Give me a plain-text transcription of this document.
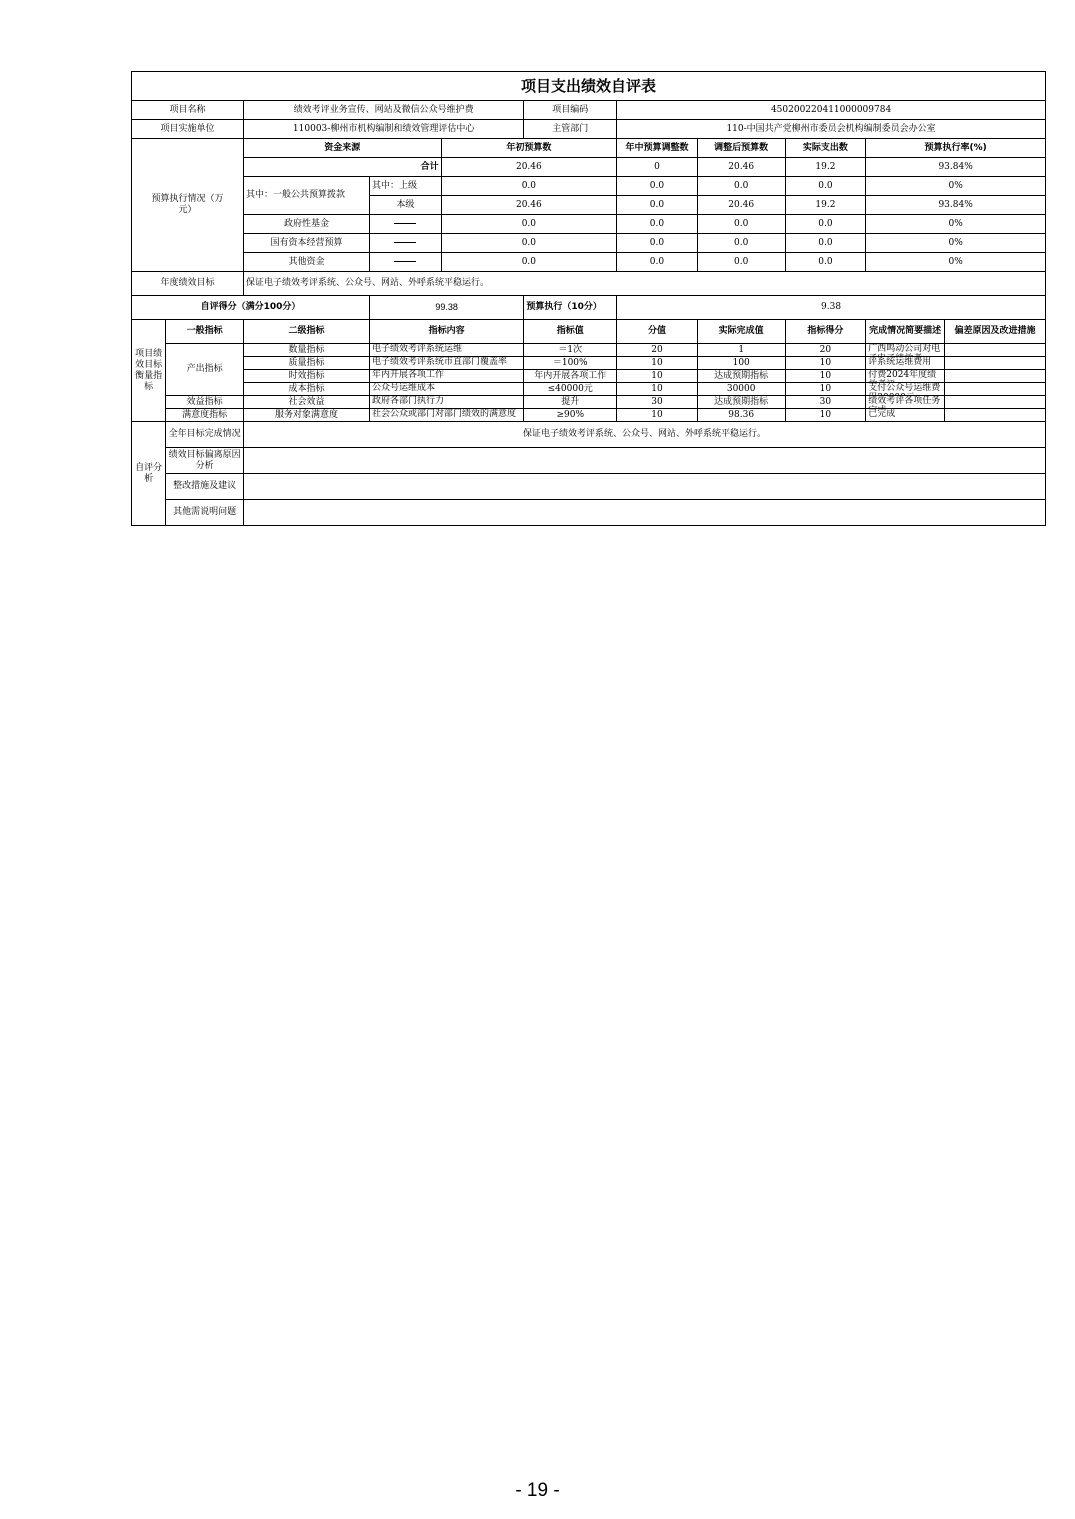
项目支出绩效自评表										
项目名称		绩效考评业务宣传、网站及微信公众号维护费			项目编码	450200220411000009784				
项目实施单位		110003-柳州市机构编制和绩效管理评估中心			主管部门	110-中国共产党柳州市委员会机构编制委员会办公室				
预算执行情况（万元）		资金来源		年初预算数		年中预算调整数	调整后预算数	实际支出数	预算执行率(%)	
		合计		20.46		0	20.46	19.2	93.84%	
		其中：一般公共预算拨款	其中：上级	0.0		0.0	0.0	0.0	0%	
			本级	20.46		0.0	20.46	19.2	93.84%	
		政府性基金		0.0		0.0	0.0	0.0	0%	
		国有资本经营预算		0.0		0.0	0.0	0.0	0%	
		其他资金		0.0		0.0	0.0	0.0	0%	
年度绩效目标		保证电子绩效考评系统、公众号、网站、外呼系统平稳运行。								
自评得分（满分100分）			99.38		预算执行（10分）	9.38				
项目绩效目标衡量指标	一般指标	二级指标	指标内容		指标值	分值	实际完成值	指标得分	完成情况简要描述	偏差原因及改进措施
	产出指标	数量指标	电子绩效考评系统运维		＝1次	20	1	20	广西鸣动公司对电	

		质量指标	电子绩效考评系统市直部门覆盖率		＝100%	10	100	10	评系统运维费用	

		时效指标	年内开展各项工作		年内开展各项工作	10	达成预期指标	10	付费2024年度绩	

		成本指标	公众号运维成本		≤40000元	10	30000	10	支付公众号运维费	

	效益指标	社会效益	政府各部门执行力		提升	30	达成预期指标	30	绩效考评各项任务	

	满意度指标	服务对象满意度	社会公众或部门对部门绩效的满意度		≥90%	10	98.36	10	已完成	

自评分析	全年目标完成情况	保证电子绩效考评系统、公众号、网站、外呼系统平稳运行。								
	绩效目标偏离原因分析									
	整改措施及建议									
	其他需说明问题									
- 19 -
